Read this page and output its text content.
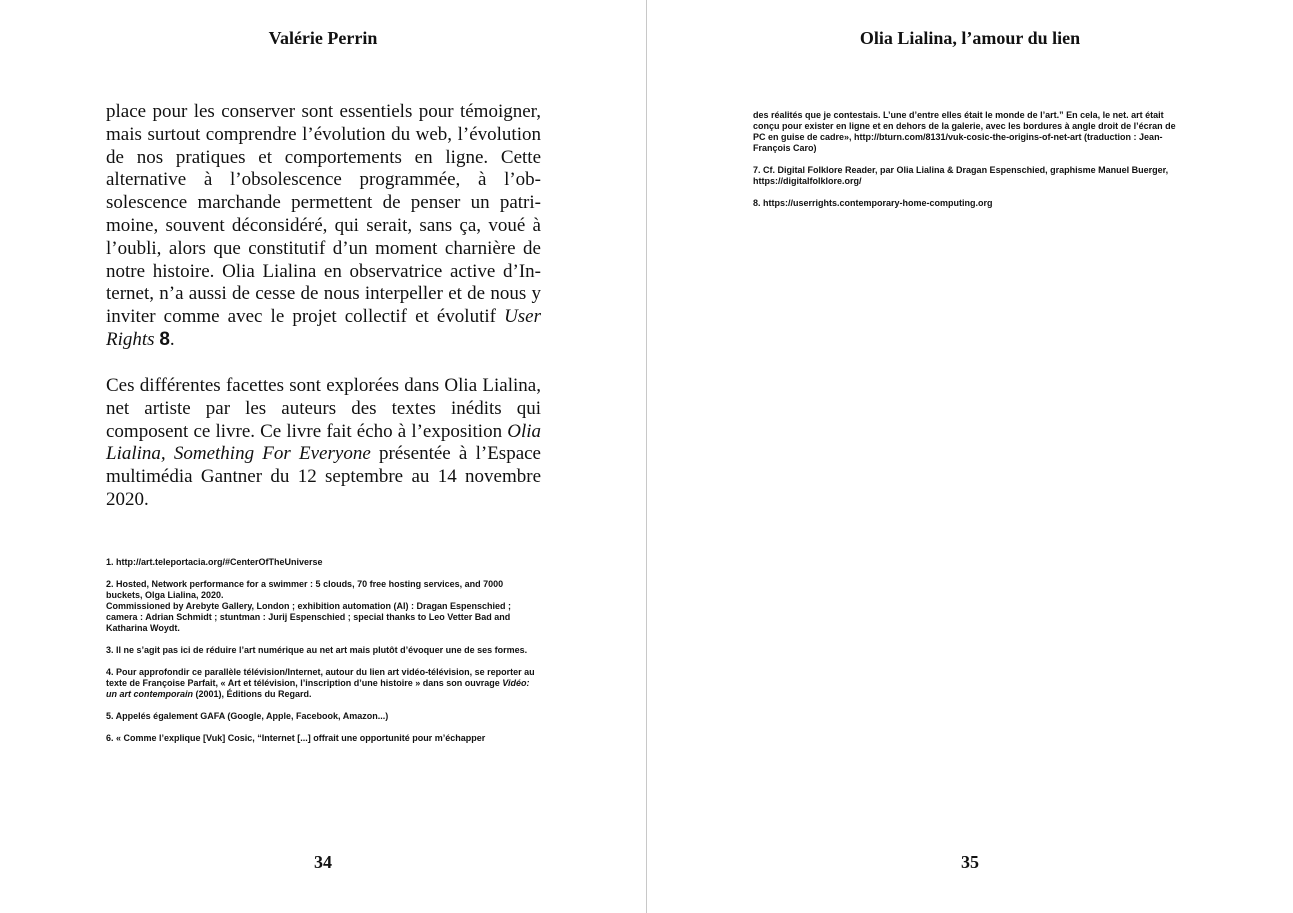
Valérie Perrin

place pour les conserver sont essentiels pour témoigner, mais surtout comprendre l’évolution du web, l’évolution de nos pratiques et comportements en ligne. Cette alternative à l’obsolescence programmée, à l’obsolescence marchande permettent de penser un patrimoine, souvent déconsidéré, qui serait, sans ça, voué à l’oubli, alors que constitutif d’un moment charnière de notre histoire. Olia Lialina en observatrice active d’Internet, n’a aussi de cesse de nous interpeller et de nous y inviter comme avec le projet collectif et évolutif User Rights 8.

Ces différentes facettes sont explorées dans Olia Lialina, net artiste par les auteurs des textes inédits qui composent ce livre. Ce livre fait écho à l’exposition Olia Lialina, Something For Everyone présentée à l’Espace multimédia Gantner du 12 septembre au 14 novembre 2020.

1. http://art.teleportacia.org/#CenterOfTheUniverse

2. Hosted, Network performance for a swimmer : 5 clouds, 70 free hosting services, and 7000 buckets, Olga Lialina, 2020.
Commissioned by Arebyte Gallery, London ; exhibition automation (AI) : Dragan Espenschied ; camera : Adrian Schmidt ; stuntman : Jurij Espenschied ; special thanks to Leo Vetter Bad and Katharina Woydt.

3. Il ne s’agit pas ici de réduire l’art numérique au net art mais plutôt d’évoquer une de ses formes.

4. Pour approfondir ce parallèle télévision/Internet, autour du lien art vidéo-télévision, se reporter au texte de Françoise Parfait, « Art et télévision, l’inscription d’une histoire » dans son ouvrage Vidéo: un art contemporain (2001), Éditions du Regard.

5. Appelés également GAFA (Google, Apple, Facebook, Amazon...)

6. « Comme l’explique [Vuk] Cosic, “Internet [...] offrait une opportunité pour m’échapper

34
Olia Lialina, l’amour du lien

des réalités que je contestais. L’une d’entre elles était le monde de l’art.” En cela, le net. art était conçu pour exister en ligne et en dehors de la galerie, avec les bordures à angle droit de l’écran de PC en guise de cadre», http://bturn.com/8131/vuk-cosic-the-origins-of-net-art (traduction : Jean-François Caro)

7. Cf. Digital Folklore Reader, par Olia Lialina & Dragan Espenschied, graphisme Manuel Buerger, https://digitalfolklore.org/

8. https://userrights.contemporary-home-computing.org

35
